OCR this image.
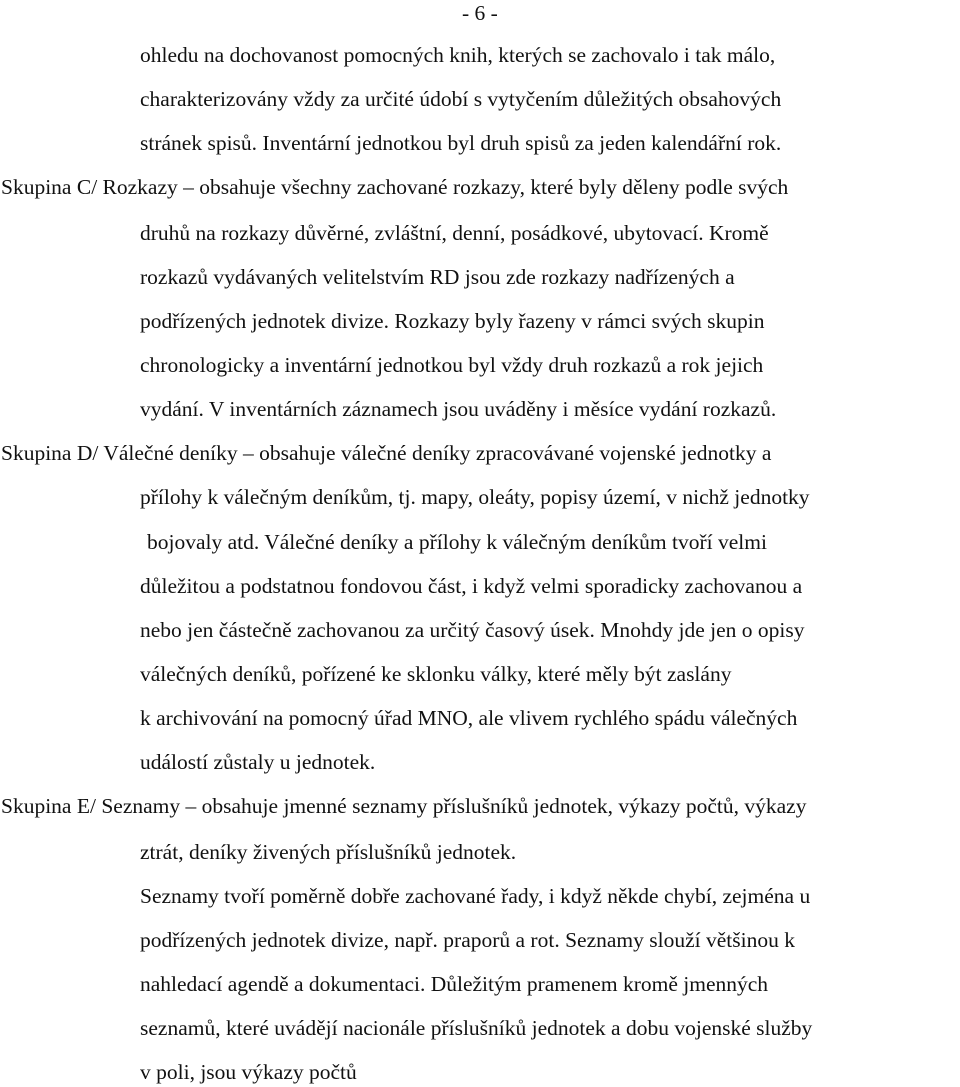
- 6 -
ohledu na dochovanost pomocných knih, kterých se zachovalo i tak málo,
charakterizovány vždy za určité údobí s vytyčením důležitých obsahových
stránek spisů. Inventární jednotkou byl druh spisů za jeden kalendářní rok.
Skupina C/ Rozkazy – obsahuje všechny zachované rozkazy, které byly děleny podle svých
druhů na rozkazy důvěrné, zvláštní, denní, posádkové, ubytovací. Kromě
rozkazů vydávaných velitelstvím RD jsou zde rozkazy nadřízených a
podřízených jednotek divize. Rozkazy byly řazeny v rámci svých skupin
chronologicky a inventární jednotkou byl vždy druh rozkazů a rok jejich
vydání. V inventárních záznamech jsou uváděny i měsíce vydání rozkazů.
Skupina D/ Válečné deníky – obsahuje válečné deníky zpracovávané vojenské jednotky a
přílohy k válečným deníkům, tj. mapy, oleáty, popisy území, v nichž jednotky
bojovaly atd. Válečné deníky a přílohy k válečným deníkům tvoří velmi
důležitou a podstatnou fondovou část, i když velmi sporadicky zachovanou a
nebo jen částečně zachovanou za určitý časový úsek. Mnohdy jde jen o opisy
válečných deníků, pořízené ke sklonku války, které měly být zaslány
k archivování na pomocný úřad MNO, ale vlivem rychlého spádu válečných
událostí zůstaly u jednotek.
Skupina E/ Seznamy – obsahuje jmenné seznamy příslušníků jednotek, výkazy počtů, výkazy
ztrát, deníky živených příslušníků jednotek.
Seznamy tvoří poměrně dobře zachované řady, i když někde chybí, zejména u
podřízených jednotek divize, např. praporů a rot. Seznamy slouží většinou k
nahledací agendě a dokumentaci. Důležitým pramenem kromě jmenných
seznamů, které uvádějí nacionále příslušníků jednotek a dobu vojenské služby
v poli, jsou výkazy počtů
